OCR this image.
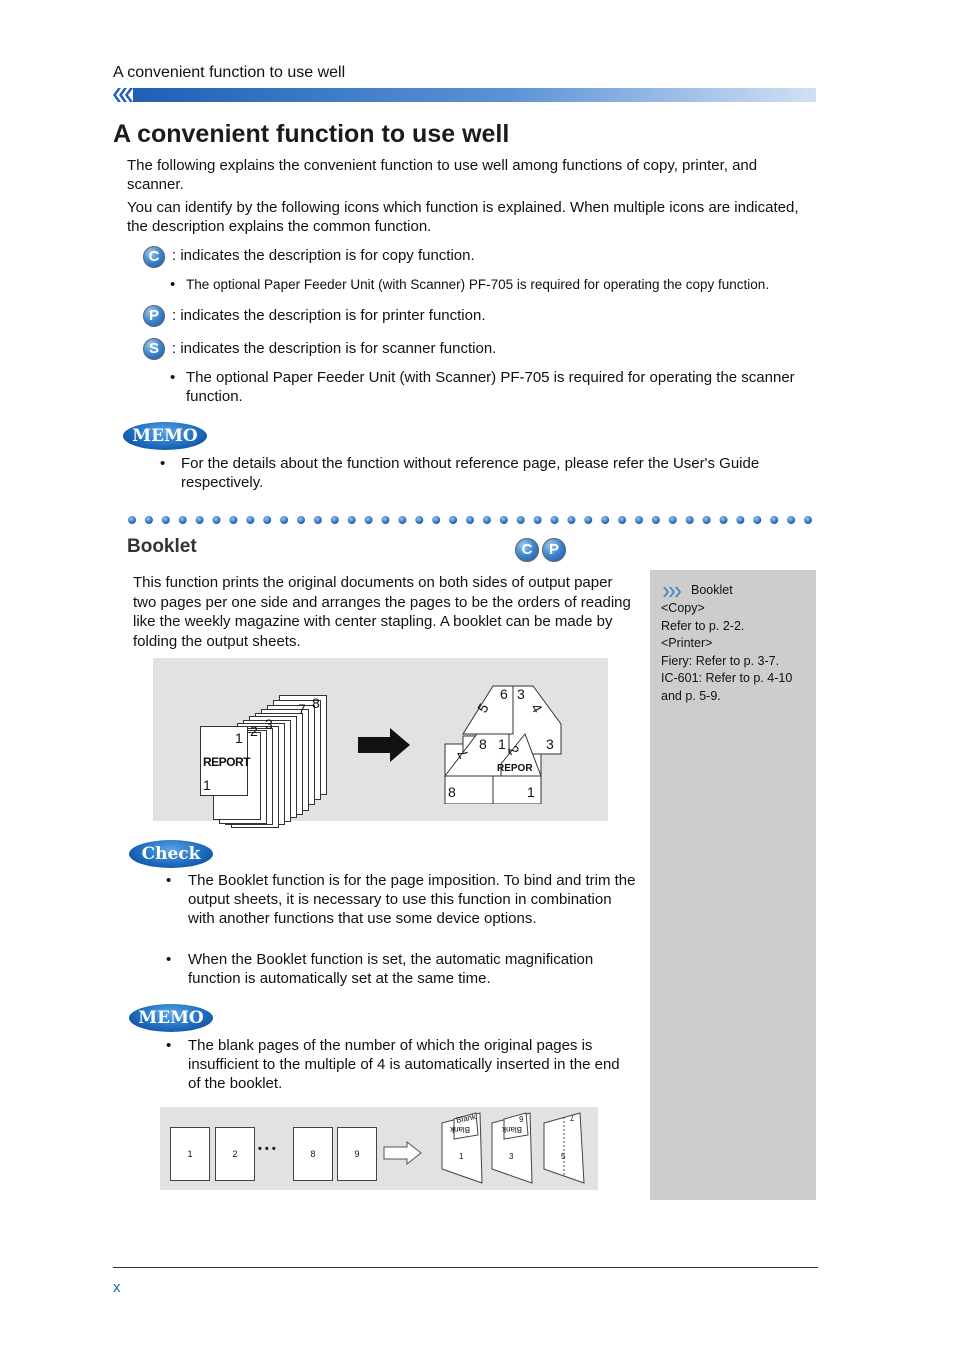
A convenient function to use well
A convenient function to use well
The following explains the convenient function to use well among functions of copy, printer, and scanner.
You can identify by the following icons which function is explained. When multiple icons are indicated, the description explains the common function.
C : indicates the description is for copy function.
• The optional Paper Feeder Unit (with Scanner) PF-705 is required for operating the copy function.
P : indicates the description is for printer function.
S : indicates the description is for scanner function.
• The optional Paper Feeder Unit (with Scanner) PF-705 is required for operating the scanner function.
MEMO
• For the details about the function without reference page, please refer the User's Guide respectively.
Booklet	C	P
Booklet
<Copy>
Refer to p. 2-2.
<Printer>
Fiery: Refer to p. 3-7.
IC-601: Refer to p. 4-10
and p. 5-9.
This function prints the original documents on both sides of output paper two pages per one side and arranges the pages to be the orders of reading like the weekly magazine with center stapling. A booklet can be made by folding the output sheets.
8
7
3
2
1
REPORT
1
6 3
5	4
8 1 2
7
3
8	1
REPOR
Check
• The Booklet function is for the page imposition. To bind and trim the output sheets, it is necessary to use this function in combination with another functions that use some device options.
• When the Booklet function is set, the automatic magnification function is automatically set at the same time.
MEMO
• The blank pages of the number of which the original pages is insufficient to the multiple of 4 is automatically inserted in the end of the booklet.
1	2	• • •	8	9
Blank
Blank
1
6
Blank
3
7
5
x
